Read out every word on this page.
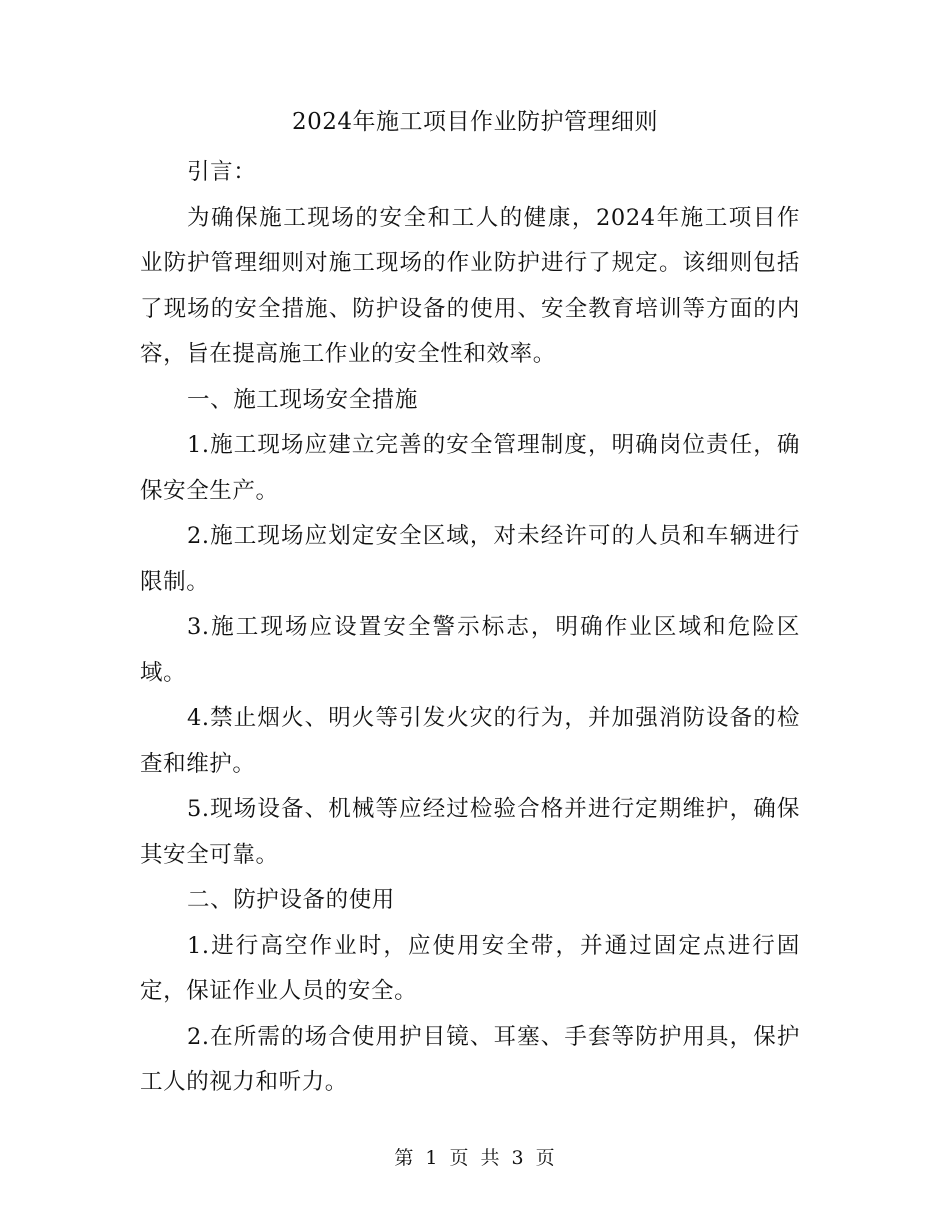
2024年施工项目作业防护管理细则

引言：

为确保施工现场的安全和工人的健康，2024年施工项目作业防护管理细则对施工现场的作业防护进行了规定。该细则包括了现场的安全措施、防护设备的使用、安全教育培训等方面的内容，旨在提高施工作业的安全性和效率。

一、施工现场安全措施

1.施工现场应建立完善的安全管理制度，明确岗位责任，确保安全生产。

2.施工现场应划定安全区域，对未经许可的人员和车辆进行限制。

3.施工现场应设置安全警示标志，明确作业区域和危险区域。

4.禁止烟火、明火等引发火灾的行为，并加强消防设备的检查和维护。

5.现场设备、机械等应经过检验合格并进行定期维护，确保其安全可靠。

二、防护设备的使用

1.进行高空作业时，应使用安全带，并通过固定点进行固定，保证作业人员的安全。

2.在所需的场合使用护目镜、耳塞、手套等防护用具，保护工人的视力和听力。

第 1 页 共 3 页
